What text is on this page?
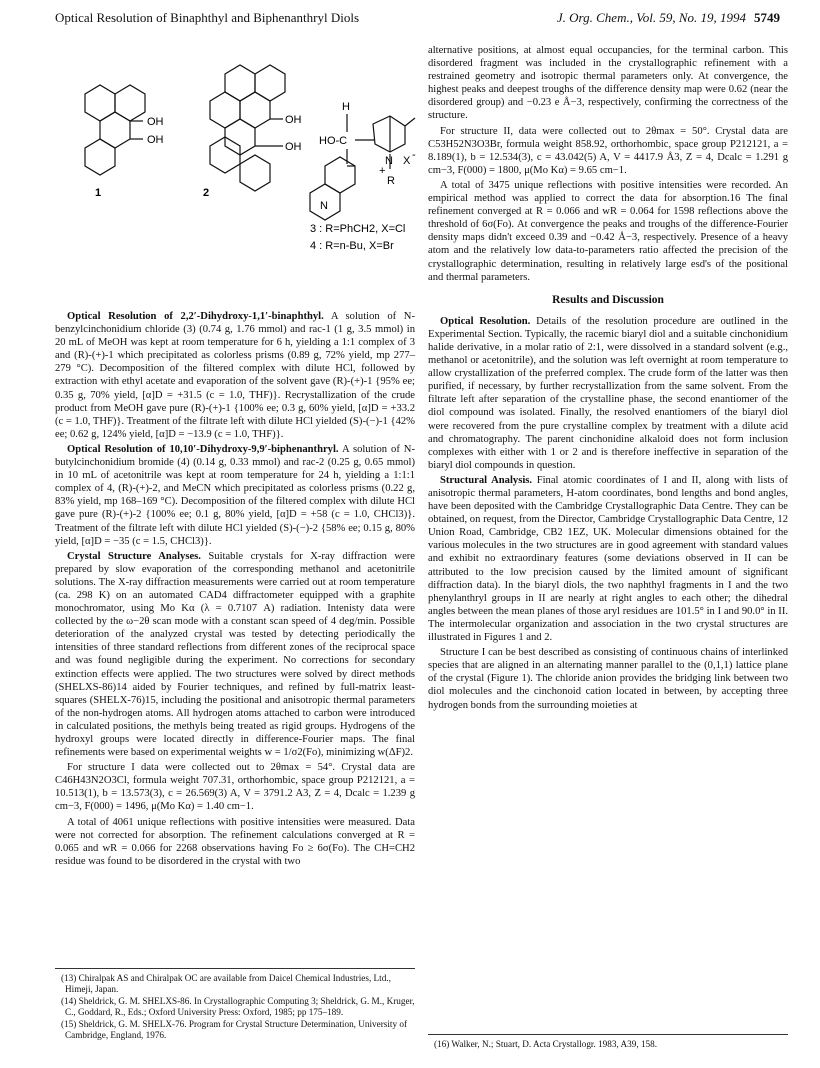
Optical Resolution of Binaphthyl and Biphenanthryl Diols	J. Org. Chem., Vol. 59, No. 19, 1994 5749
OH
OH
1
OH
OH
2
H
HO-C
N
+
X -
R
N
3 : R=PhCH2, X=Cl
4 : R=n-Bu, X=Br

Optical Resolution of 2,2′-Dihydroxy-1,1′-binaphthyl. A solution of N-benzylcinchonidium chloride (3) (0.74 g, 1.76 mmol) and rac-1 (1 g, 3.5 mmol) in 20 mL of MeOH was kept at room temperature for 6 h, yielding a 1:1 complex of 3 and (R)-(+)-1 which precipitated as colorless prisms (0.89 g, 72% yield, mp 277–279 °C). Decomposition of the filtered complex with dilute HCl, followed by extraction with ethyl acetate and evaporation of the solvent gave (R)-(+)-1 {95% ee; 0.35 g, 70% yield, [α]D = +31.5 (c = 1.0, THF)}. Recrystallization of the crude product from MeOH gave pure (R)-(+)-1 {100% ee; 0.3 g, 60% yield, [α]D = +33.2 (c = 1.0, THF)}. Treatment of the filtrate left with dilute HCl yielded (S)-(−)-1 {42% ee; 0.62 g, 124% yield, [α]D = −13.9 (c = 1.0, THF)}.

Optical Resolution of 10,10′-Dihydroxy-9,9′-biphenanthryl. A solution of N-butylcinchonidium bromide (4) (0.14 g, 0.33 mmol) and rac-2 (0.25 g, 0.65 mmol) in 10 mL of acetonitrile was kept at room temperature for 24 h, yielding a 1:1:1 complex of 4, (R)-(+)-2, and MeCN which precipitated as colorless prisms (0.22 g, 83% yield, mp 168–169 °C). Decomposition of the filtered complex with dilute HCl gave pure (R)-(+)-2 {100% ee; 0.1 g, 80% yield, [α]D = +58 (c = 1.0, CHCl3)}. Treatment of the filtrate left with dilute HCl yielded (S)-(−)-2 {58% ee; 0.15 g, 80% yield, [α]D = −35 (c = 1.5, CHCl3)}.

Crystal Structure Analyses. Suitable crystals for X-ray diffraction were prepared by slow evaporation of the corresponding methanol and acetonitrile solutions. The X-ray diffraction measurements were carried out at room temperature (ca. 298 K) on an automated CAD4 diffractometer equipped with a graphite monochromator, using Mo Kα (λ = 0.7107 A) radiation. Intenisty data were collected by the ω−2θ scan mode with a constant scan speed of 4 deg/min. Possible deterioration of the analyzed crystal was tested by detecting periodically the intensities of three standard reflections from different zones of the reciprocal space and was found negligible during the experiment. No corrections for secondary extinction effects were applied. The two structures were solved by direct methods (SHELXS-86)14 aided by Fourier techniques, and refined by full-matrix least-squares (SHELX-76)15, including the positional and anisotropic thermal parameters of the non-hydrogen atoms. All hydrogen atoms attached to carbon were introduced in calculated positions, the methyls being treated as rigid groups. Hydrogens of the hydroxyl groups were located directly in difference-Fourier maps. The final refinements were based on experimental weights w = 1/σ2(Fo), minimizing w(ΔF)2.

For structure I data were collected out to 2θmax = 54°. Crystal data are C46H43N2O3Cl, formula weight 707.31, orthorhombic, space group P212121, a = 10.513(1), b = 13.573(3), c = 26.569(3) A, V = 3791.2 A3, Z = 4, Dcalc = 1.239 g cm−3, F(000) = 1496, μ(Mo Kα) = 1.40 cm−1.

A total of 4061 unique reflections with positive intensities were measured. Data were not corrected for absorption. The refinement calculations converged at R = 0.065 and wR = 0.066 for 2268 observations having Fo ≥ 6σ(Fo). The CH=CH2 residue was found to be disordered in the crystal with two

(13) Chiralpak AS and Chiralpak OC are available from Daicel Chemical Industries, Ltd., Himeji, Japan.

(14) Sheldrick, G. M. SHELXS-86. In Crystallographic Computing 3; Sheldrick, G. M., Kruger, C., Goddard, R., Eds.; Oxford University Press: Oxford, 1985; pp 175–189.

(15) Sheldrick, G. M. SHELX-76. Program for Crystal Structure Determination, University of Cambridge, England, 1976.

alternative positions, at almost equal occupancies, for the terminal carbon. This disordered fragment was included in the crystallographic refinement with a restrained geometry and isotropic thermal parameters only. At convergence, the highest peaks and deepest troughs of the difference density map were 0.62 (near the disordered group) and −0.23 e Å−3, respectively, confirming the correctness of the structure.

For structure II, data were collected out to 2θmax = 50°. Crystal data are C53H52N3O3Br, formula weight 858.92, orthorhombic, space group P212121, a = 8.189(1), b = 12.534(3), c = 43.042(5) A, V = 4417.9 Å3, Z = 4, Dcalc = 1.291 g cm−3, F(000) = 1800, μ(Mo Kα) = 9.65 cm−1.

A total of 3475 unique reflections with positive intensities were recorded. An empirical method was applied to correct the data for absorption.16 The final refinement converged at R = 0.066 and wR = 0.064 for 1598 reflections above the threshold of 6σ(Fo). At convergence the peaks and troughs of the difference-Fourier density maps didn't exceed 0.39 and −0.42 Å−3, respectively. Presence of a heavy atom and the relatively low data-to-parameters ratio affected the precision of the crystallographic determination, resulting in relatively large esd's of the positional and thermal parameters.

Results and Discussion

Optical Resolution. Details of the resolution procedure are outlined in the Experimental Section. Typically, the racemic biaryl diol and a suitable cinchonidium halide derivative, in a molar ratio of 2:1, were dissolved in a standard solvent (e.g., methanol or acetonitrile), and the solution was left overnight at room temperature to allow crystallization of the preferred complex. The crude form of the latter was then purified, if necessary, by further recrystallization from the same solvent. From the filtrate left after separation of the crystalline phase, the second enantiomer of the diol compound was isolated. Finally, the resolved enantiomers of the biaryl diol were recovered from the pure crystalline complex by treatment with a dilute acid and chromatography. The parent cinchonidine alkaloid does not form inclusion complexes with either with 1 or 2 and is therefore ineffective in separation of the biaryl diol compounds in question.

Structural Analysis. Final atomic coordinates of I and II, along with lists of anisotropic thermal parameters, H-atom coordinates, bond lengths and bond angles, have been deposited with the Cambridge Crystallographic Data Centre. They can be obtained, on request, from the Director, Cambridge Crystallographic Data Centre, 12 Union Road, Cambridge, CB2 1EZ, UK. Molecular dimensions obtained for the various molecules in the two structures are in good agreement with standard values and exhibit no extraordinary features (some deviations observed in II can be attributed to the low precision caused by the limited amount of significant diffraction data). In the biaryl diols, the two naphthyl fragments in I and the two phenylanthryl groups in II are nearly at right angles to each other; the dihedral angles between the mean planes of those aryl residues are 101.5° in I and 90.0° in II. The intermolecular organization and association in the two crystal structures are illustrated in Figures 1 and 2.

Structure I can be best described as consisting of continuous chains of interlinked species that are aligned in an alternating manner parallel to the (0,1,1) lattice plane of the crystal (Figure 1). The chloride anion provides the bridging link between two diol molecules and the cinchonoid cation located in between, by accepting three hydrogen bonds from the surrounding moieties at

(16) Walker, N.; Stuart, D. Acta Crystallogr. 1983, A39, 158.
